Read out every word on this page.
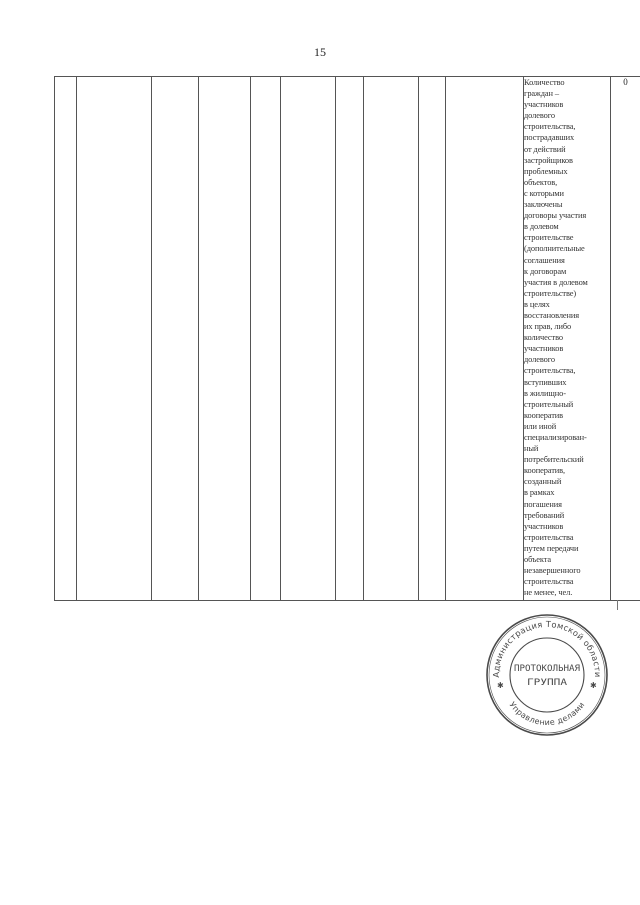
15
										Количество
граждан –
участников
долевого
строительства,
пострадавших
от действий
застройщиков
проблемных
объектов,
с которыми
заключены
договоры участия
в долевом
строительстве
(дополнительные
соглашения
к договорам
участия в долевом
строительстве)
в целях
восстановления
их прав, либо
количество
участников
долевого
строительства,
вступивших
в жилищно-
строительный
кооператив
или иной
специализирован-
ный
потребительский
кооператив,
созданный
в рамках
погашения
требований
участников
строительства
путем передачи
объекта
незавершенного
строительства
не менее, чел.	0
Администрация Томской области
Управление делами
✱	✱
ПРОТОКОЛЬНАЯ
ГРУППА
